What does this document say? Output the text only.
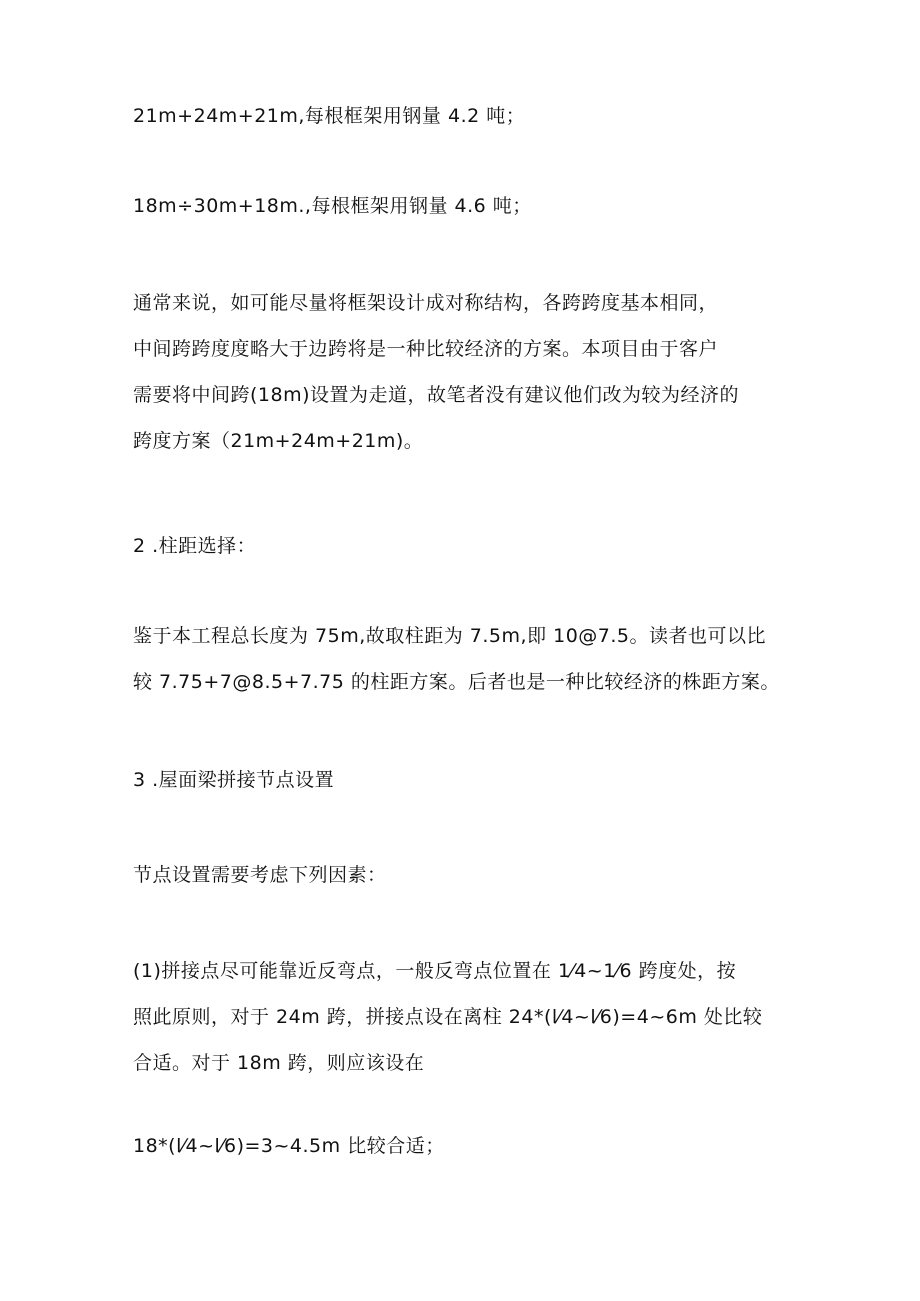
21m+24m+21m,每根框架用钢量 4.2 吨；

18m÷30m+18m.,每根框架用钢量 4.6 吨；

通常来说，如可能尽量将框架设计成对称结构，各跨跨度基本相同，
中间跨跨度度略大于边跨将是一种比较经济的方案。本项目由于客户
需要将中间跨(18m)设置为走道，故笔者没有建议他们改为较为经济的
跨度方案（21m+24m+21m)。

2 .柱距选择：

鉴于本工程总长度为 75m,故取柱距为 7.5m,即 10@7.5。读者也可以比
较 7.75+7@8.5+7.75 的柱距方案。后者也是一种比较经济的株距方案。

3 .屋面梁拼接节点设置

节点设置需要考虑下列因素：

(1)拼接点尽可能靠近反弯点，一般反弯点位置在 1⁄4~1⁄6 跨度处，按
照此原则，对于 24m 跨，拼接点设在离柱 24*(l⁄4~l⁄6)=4~6m 处比较
合适。对于 18m 跨，则应该设在

18*(l⁄4~l⁄6)=3~4.5m 比较合适；
